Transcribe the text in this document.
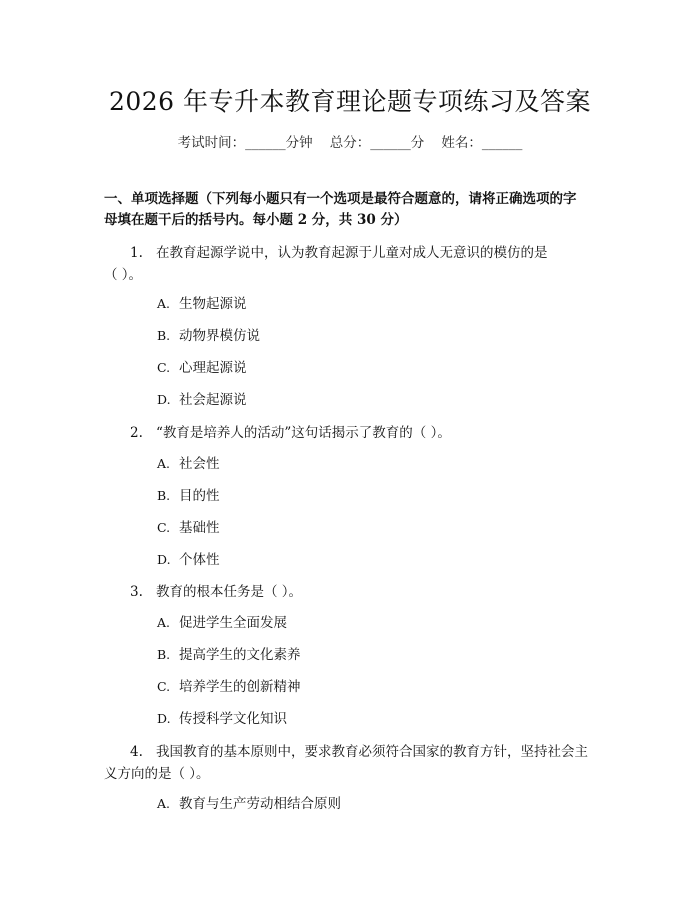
2026 年专升本教育理论题专项练习及答案
考试时间：______分钟    总分：______分    姓名：______
一、单项选择题（下列每小题只有一个选项是最符合题意的，请将正确选项的字
母填在题干后的括号内。每小题 2 分，共 30 分）
1. 在教育起源学说中，认为教育起源于儿童对成人无意识的模仿的是
（ ）。
A. 生物起源说
B. 动物界模仿说
C. 心理起源说
D. 社会起源说
2. “教育是培养人的活动”这句话揭示了教育的（ ）。
A. 社会性
B. 目的性
C. 基础性
D. 个体性
3. 教育的根本任务是（ ）。
A. 促进学生全面发展
B. 提高学生的文化素养
C. 培养学生的创新精神
D. 传授科学文化知识
4. 我国教育的基本原则中，要求教育必须符合国家的教育方针，坚持社会主
义方向的是（ ）。
A. 教育与生产劳动相结合原则
